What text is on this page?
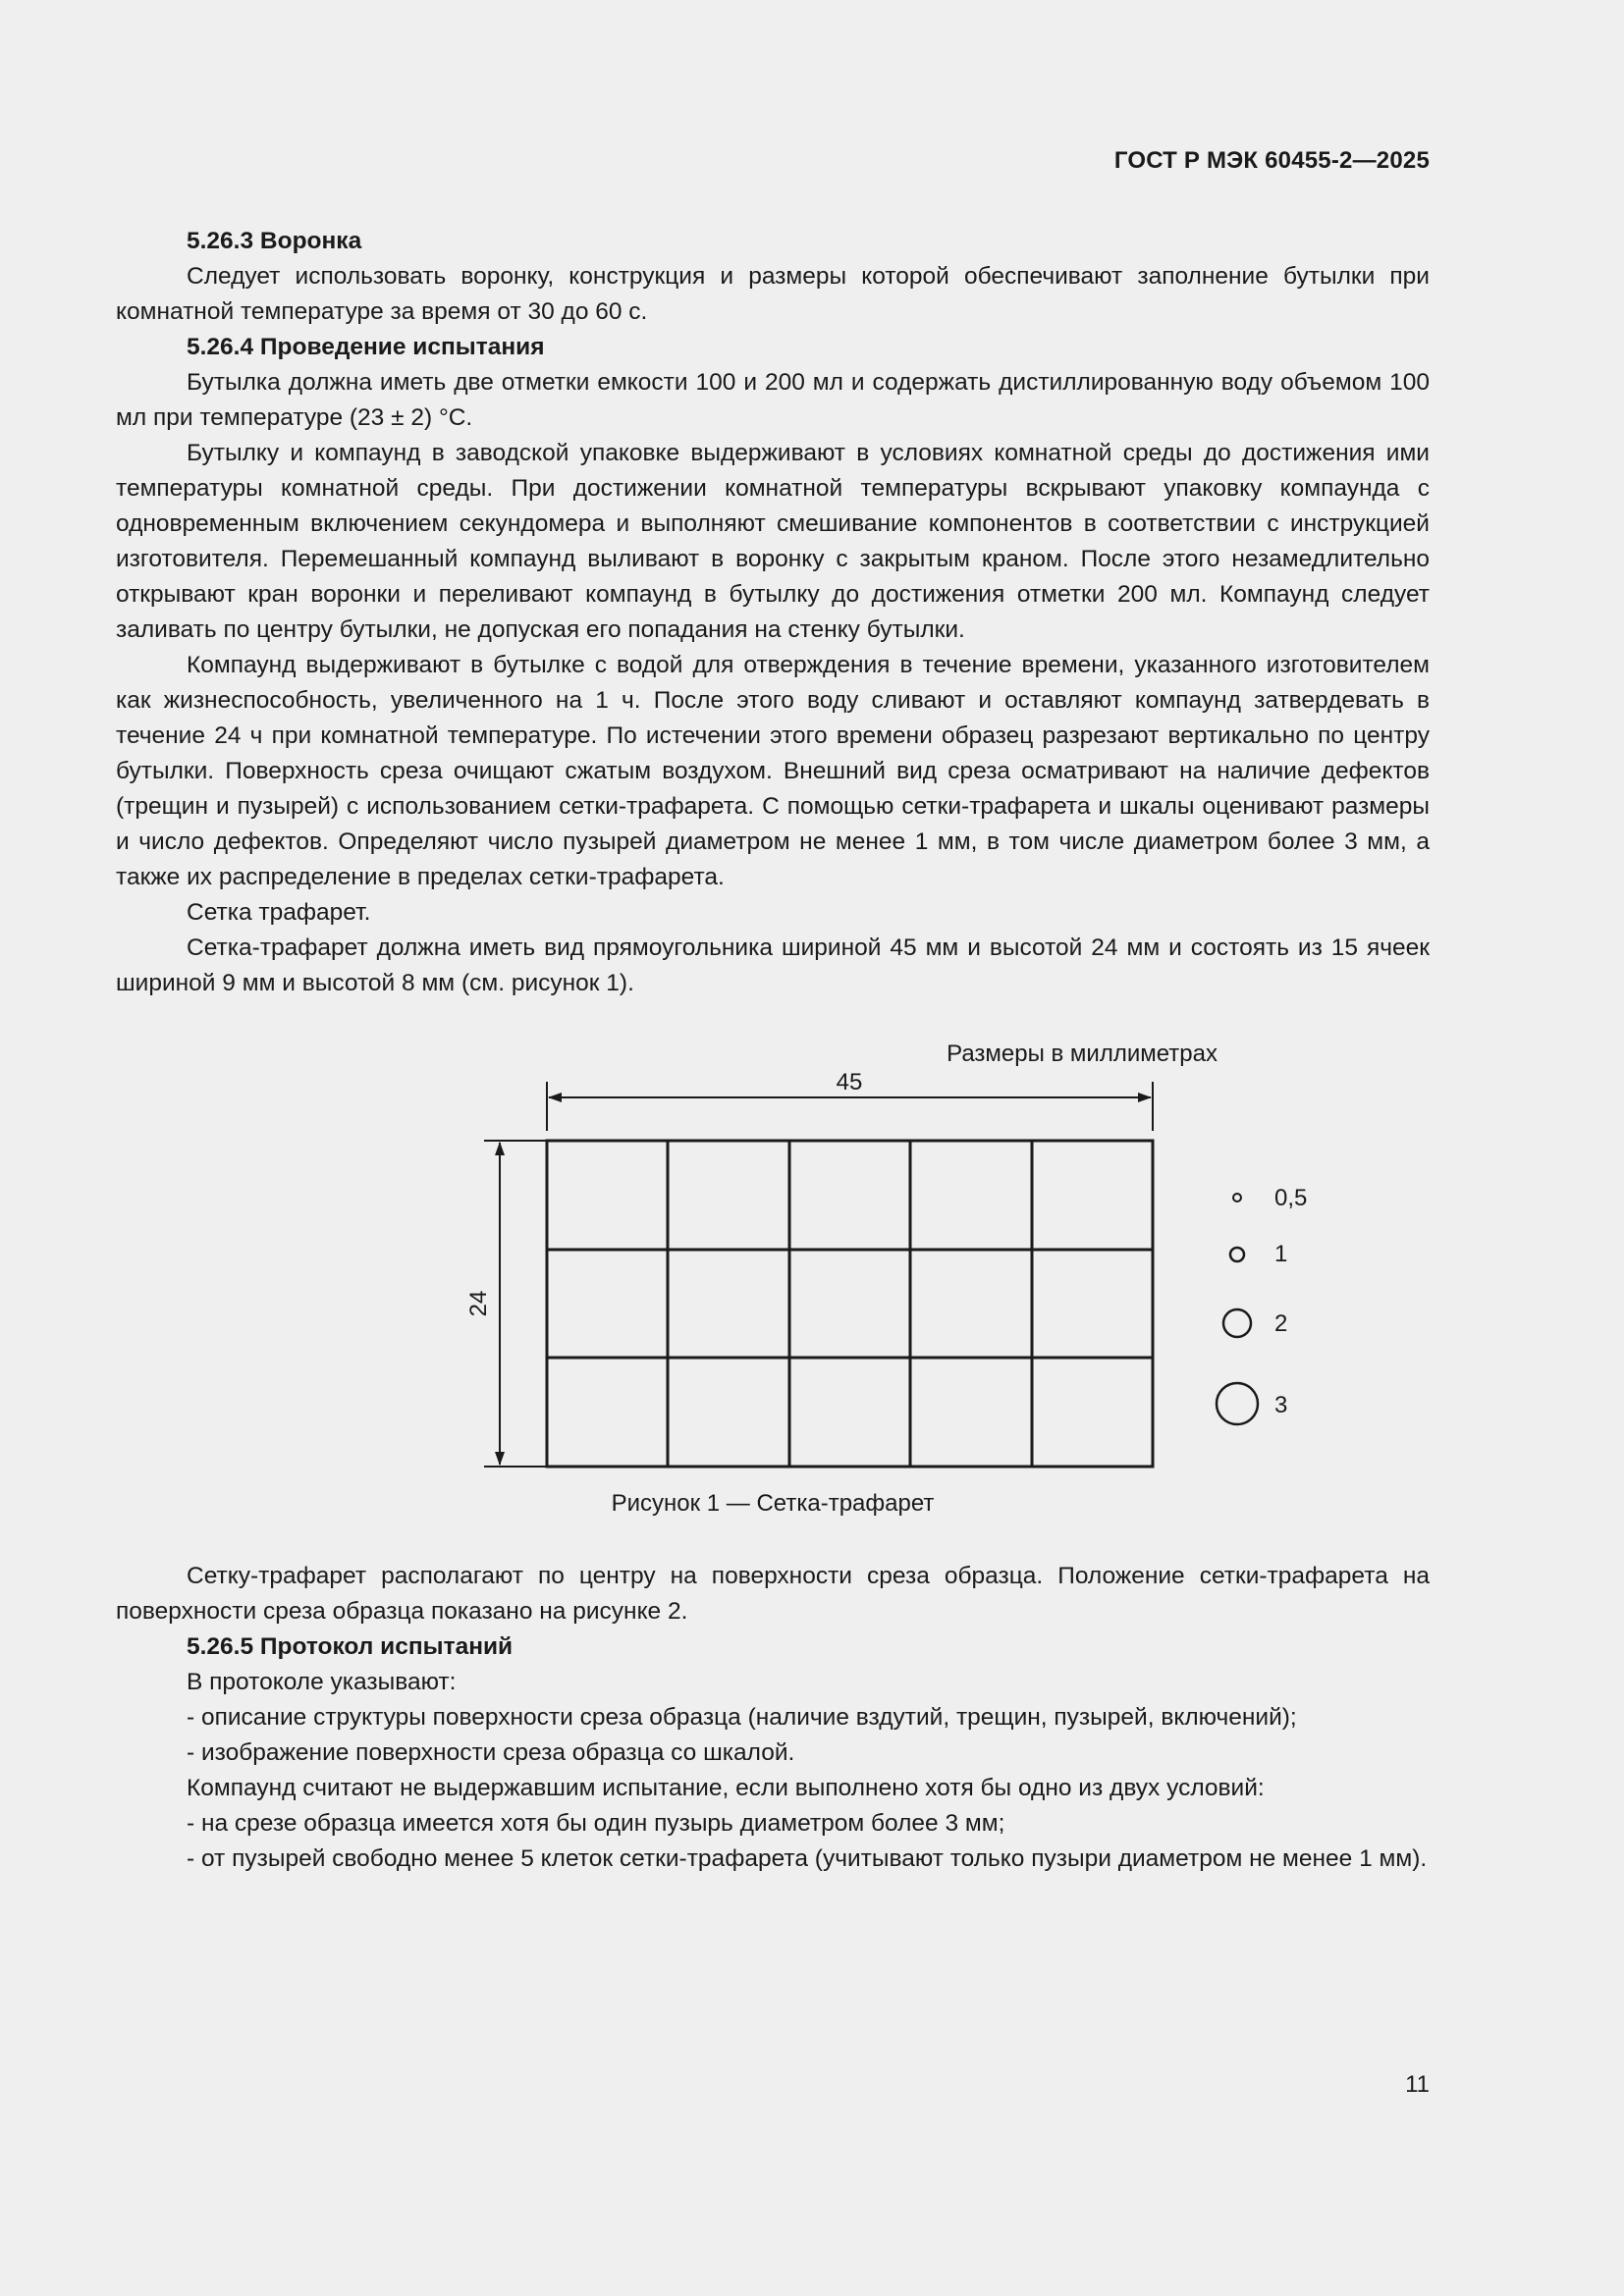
ГОСТ Р МЭК 60455-2—2025

5.26.3 Воронка

Следует использовать воронку, конструкция и размеры которой обеспечивают заполнение бутылки при комнатной температуре за время от 30 до 60 с.

5.26.4 Проведение испытания

Бутылка должна иметь две отметки емкости 100 и 200 мл и содержать дистиллированную воду объемом 100 мл при температуре (23 ± 2) °С.

Бутылку и компаунд в заводской упаковке выдерживают в условиях комнатной среды до достижения ими температуры комнатной среды. При достижении комнатной температуры вскрывают упаковку компаунда с одновременным включением секундомера и выполняют смешивание компонентов в соответствии с инструкцией изготовителя. Перемешанный компаунд выливают в воронку с закрытым краном. После этого незамедлительно открывают кран воронки и переливают компаунд в бутылку до достижения отметки 200 мл. Компаунд следует заливать по центру бутылки, не допуская его попадания на стенку бутылки.

Компаунд выдерживают в бутылке с водой для отверждения в течение времени, указанного изготовителем как жизнеспособность, увеличенного на 1 ч. После этого воду сливают и оставляют компаунд затвердевать в течение 24 ч при комнатной температуре. По истечении этого времени образец разрезают вертикально по центру бутылки. Поверхность среза очищают сжатым воздухом. Внешний вид среза осматривают на наличие дефектов (трещин и пузырей) с использованием сетки-трафарета. С помощью сетки-трафарета и шкалы оценивают размеры и число дефектов. Определяют число пузырей диаметром не менее 1 мм, в том числе диаметром более 3 мм, а также их распределение в пределах сетки-трафарета.

Сетка трафарет.

Сетка-трафарет должна иметь вид прямоугольника шириной 45 мм и высотой 24 мм и состоять из 15 ячеек шириной 9 мм и высотой 8 мм (см. рисунок 1).

Размеры в миллиметрах
45
24
0,5
1
2
3
Рисунок 1 — Сетка-трафарет

Сетку-трафарет располагают по центру на поверхности среза образца. Положение сетки-трафарета на поверхности среза образца показано на рисунке 2.

5.26.5 Протокол испытаний

В протоколе указывают:

- описание структуры поверхности среза образца (наличие вздутий, трещин, пузырей, включений);

- изображение поверхности среза образца со шкалой.

Компаунд считают не выдержавшим испытание, если выполнено хотя бы одно из двух условий:

- на срезе образца имеется хотя бы один пузырь диаметром более 3 мм;

- от пузырей свободно менее 5 клеток сетки-трафарета (учитывают только пузыри диаметром не менее 1 мм).

11
